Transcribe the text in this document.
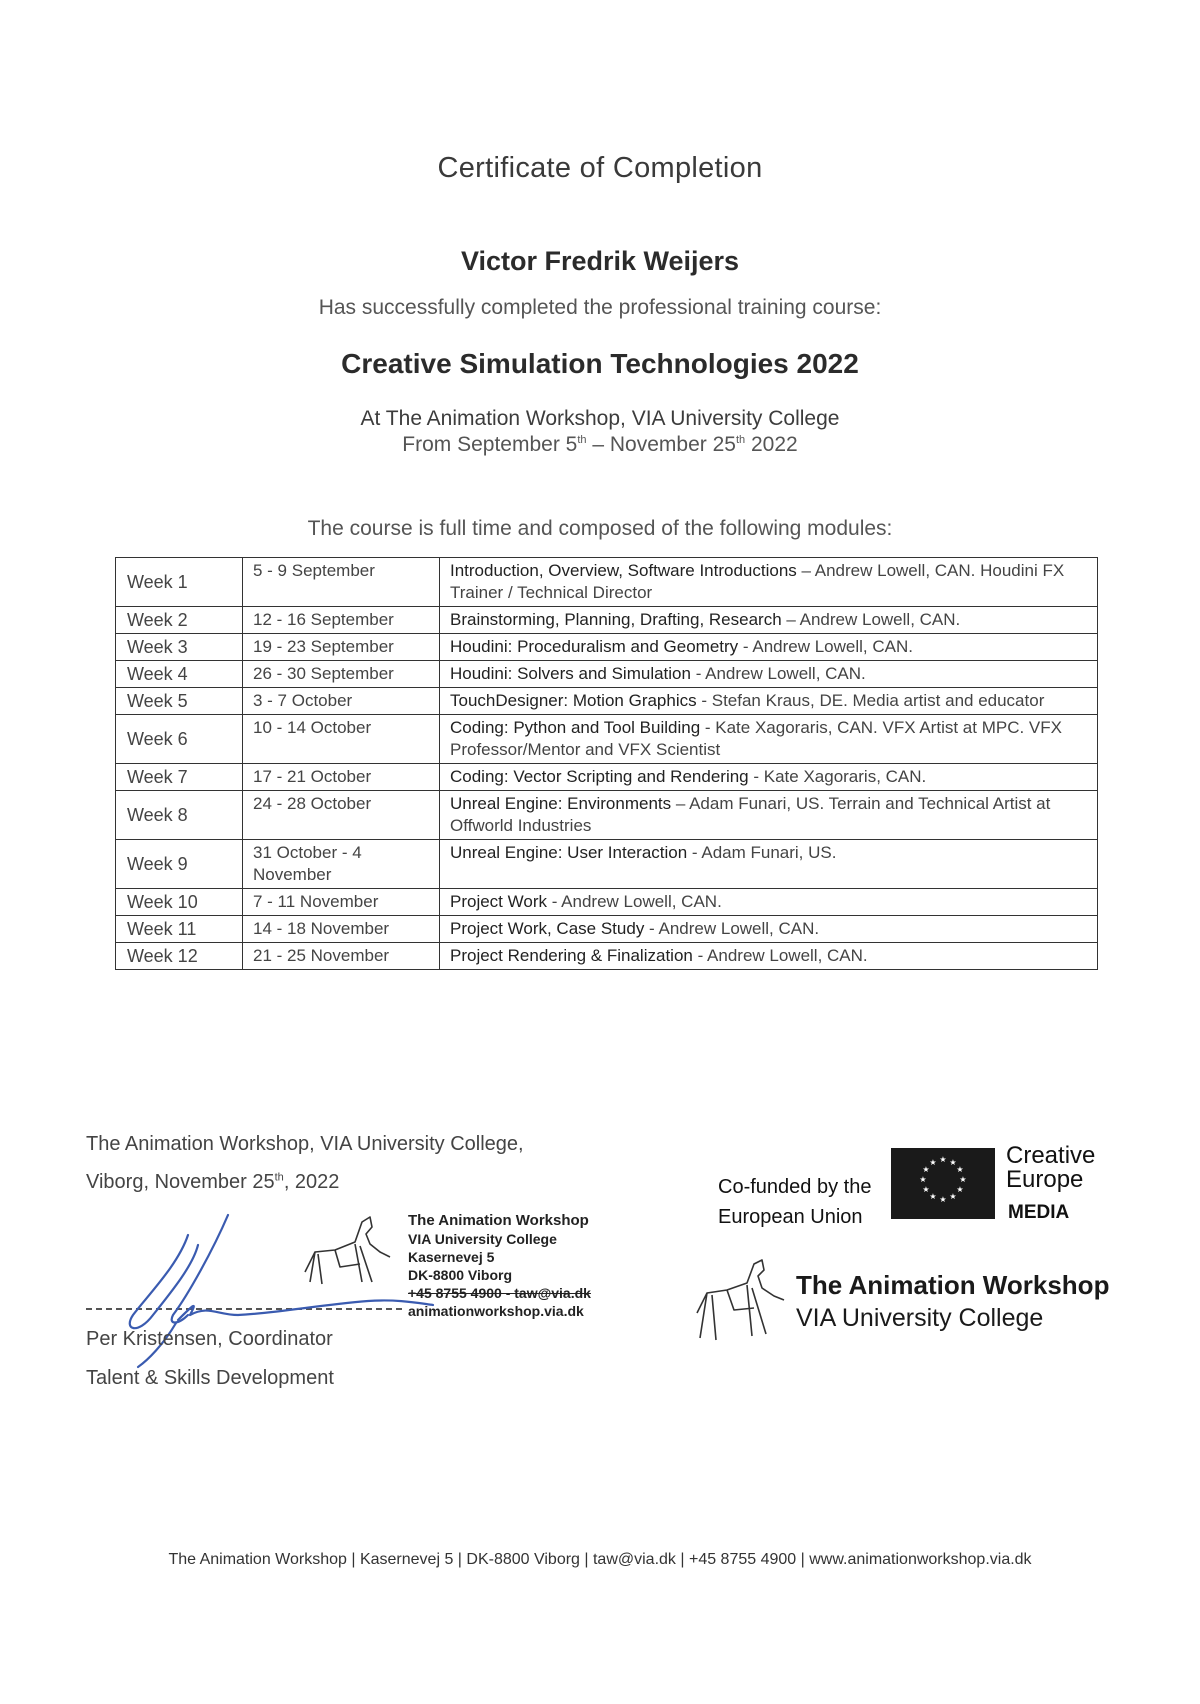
Certificate of Completion
Victor Fredrik Weijers
Has successfully completed the professional training course:
Creative Simulation Technologies 2022
At The Animation Workshop, VIA University College
From September 5th – November 25th 2022
The course is full time and composed of the following modules:
Week 1	5 - 9 September	Introduction, Overview, Software Introductions – Andrew Lowell, CAN. Houdini FX Trainer / Technical Director
Week 2	12 - 16 September	Brainstorming, Planning, Drafting, Research – Andrew Lowell, CAN.
Week 3	19 - 23 September	Houdini: Proceduralism and Geometry - Andrew Lowell, CAN.
Week 4	26 - 30 September	Houdini: Solvers and Simulation - Andrew Lowell, CAN.
Week 5	3 - 7 October	TouchDesigner: Motion Graphics - Stefan Kraus, DE. Media artist and educator
Week 6	10 - 14 October	Coding: Python and Tool Building - Kate Xagoraris, CAN. VFX Artist at MPC. VFX Professor/Mentor and VFX Scientist
Week 7	17 - 21 October	Coding: Vector Scripting and Rendering - Kate Xagoraris, CAN.
Week 8	24 - 28 October	Unreal Engine: Environments – Adam Funari, US. Terrain and Technical Artist at Offworld Industries
Week 9	31 October - 4 November	Unreal Engine: User Interaction - Adam Funari, US.
Week 10	7 - 11 November	Project Work - Andrew Lowell, CAN.
Week 11	14 - 18 November	Project Work, Case Study - Andrew Lowell, CAN.
Week 12	21 - 25 November	Project Rendering & Finalization - Andrew Lowell, CAN.
The Animation Workshop, VIA University College,
Viborg, November 25th, 2022
The Animation Workshop
VIA University College
Kasernevej 5
DK-8800 Viborg
+45 8755 4900 - taw@via.dk
animationworkshop.via.dk
Per Kristensen, Coordinator
Talent & Skills Development
Co-funded by the
European Union
★ ★
★
★
★
★
★
★
★
★
★
★	Creative
Europe
MEDIA
The Animation Workshop
VIA University College
The Animation Workshop | Kasernevej 5 | DK-8800 Viborg | taw@via.dk | +45 8755 4900 | www.animationworkshop.via.dk
